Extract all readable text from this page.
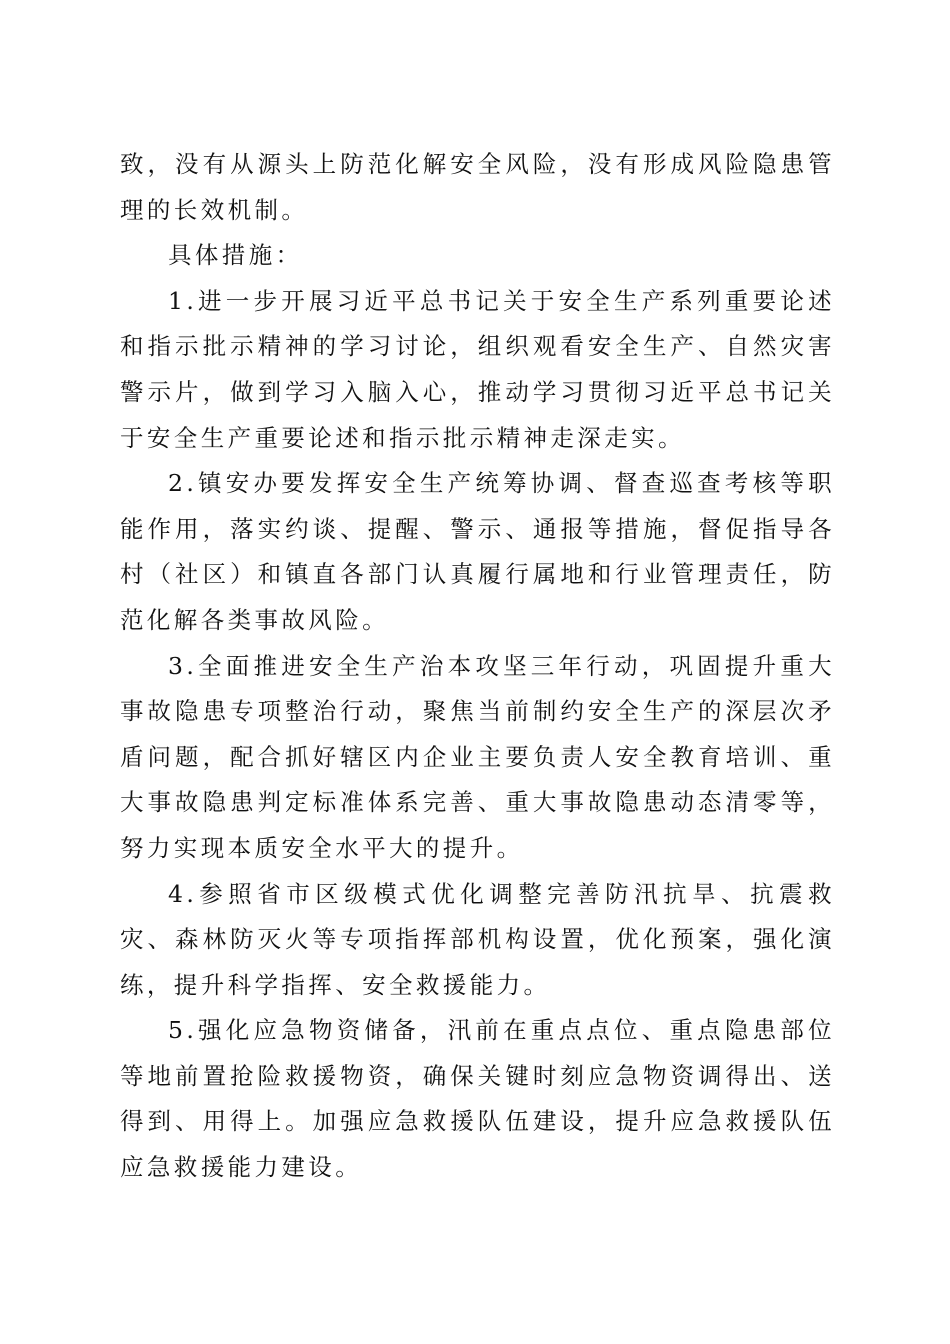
致，没有从源头上防范化解安全风险，没有形成风险隐患管理的长效机制。

具体措施：

1.进一步开展习近平总书记关于安全生产系列重要论述和指示批示精神的学习讨论，组织观看安全生产、自然灾害警示片，做到学习入脑入心，推动学习贯彻习近平总书记关于安全生产重要论述和指示批示精神走深走实。

2.镇安办要发挥安全生产统筹协调、督查巡查考核等职能作用，落实约谈、提醒、警示、通报等措施，督促指导各村（社区）和镇直各部门认真履行属地和行业管理责任，防范化解各类事故风险。

3.全面推进安全生产治本攻坚三年行动，巩固提升重大事故隐患专项整治行动，聚焦当前制约安全生产的深层次矛盾问题，配合抓好辖区内企业主要负责人安全教育培训、重大事故隐患判定标准体系完善、重大事故隐患动态清零等，努力实现本质安全水平大的提升。

4.参照省市区级模式优化调整完善防汛抗旱、抗震救灾、森林防灭火等专项指挥部机构设置，优化预案，强化演练，提升科学指挥、安全救援能力。

5.强化应急物资储备，汛前在重点点位、重点隐患部位等地前置抢险救援物资，确保关键时刻应急物资调得出、送得到、用得上。加强应急救援队伍建设，提升应急救援队伍应急救援能力建设。
